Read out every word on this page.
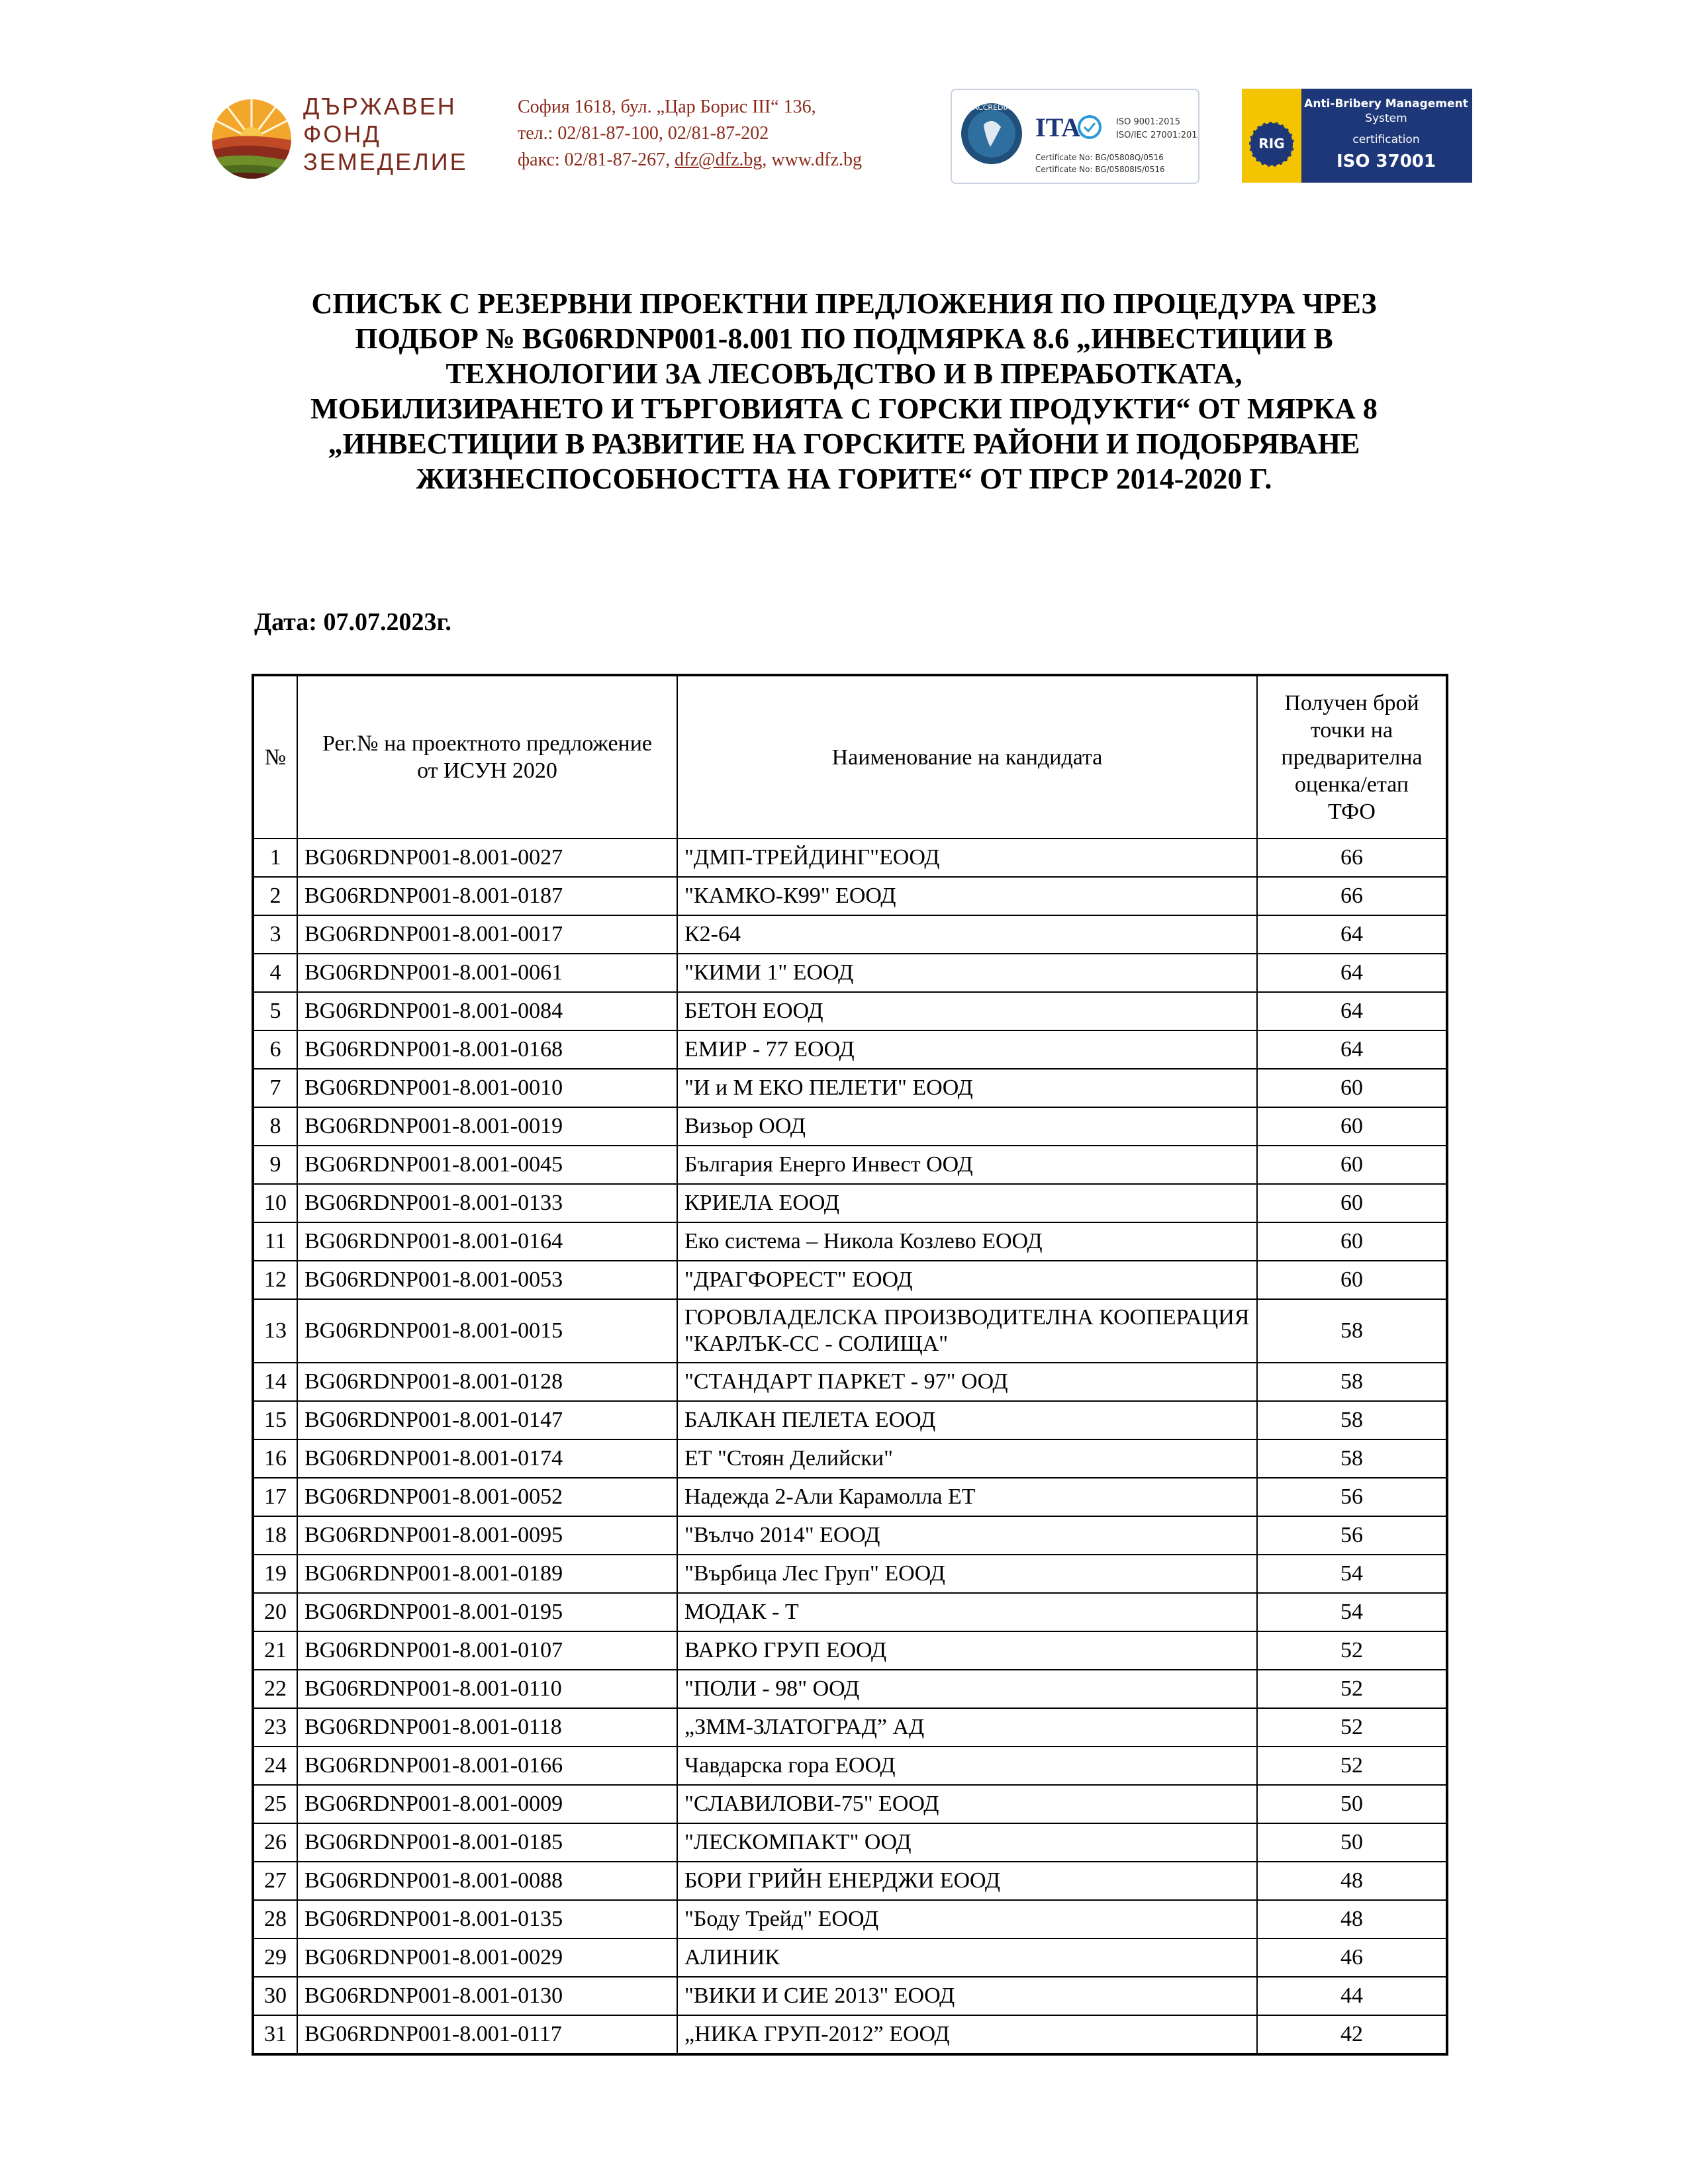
ДЪРЖАВЕН
ФОНД
ЗЕМЕДЕЛИЕ
София 1618, бул. „Цар Борис III“ 136,
тел.: 02/81-87-100, 02/81-87-202
факс: 02/81-87-267, dfz@dfz.bg, www.dfz.bg
ACCREDIA
ITA	ISO 9001:2015
ISO/IEC 27001:2013
Certificate No: BG/05808Q/0516
Certificate No: BG/05808IS/0516
RIG
Anti-Bribery Management
System
certification
ISO 37001
СПИСЪК С РЕЗЕРВНИ ПРОЕКТНИ ПРЕДЛОЖЕНИЯ ПО ПРОЦЕДУРА ЧРЕЗ
ПОДБОР № BG06RDNP001-8.001 ПО ПОДМЯРКА 8.6 „ИНВЕСТИЦИИ В
ТЕХНОЛОГИИ ЗА ЛЕСОВЪДСТВО И В ПРЕРАБОТКАТА,
МОБИЛИЗИРАНЕТО И ТЪРГОВИЯТА С ГОРСКИ ПРОДУКТИ“ ОТ МЯРКА 8
„ИНВЕСТИЦИИ В РАЗВИТИЕ НА ГОРСКИТЕ РАЙОНИ И ПОДОБРЯВАНЕ
ЖИЗНЕСПОСОБНОСТТА НА ГОРИТЕ“ ОТ ПРСР 2014-2020 Г.
Дата: 07.07.2023г.
№	Рег.№ на проектното предложение от ИСУН 2020	Наименование на кандидата	Получен брой точки на предварителна оценка/етап ТФО
1	BG06RDNP001-8.001-0027	"ДМП-ТРЕЙДИНГ"ЕООД	66
2	BG06RDNP001-8.001-0187	"КАМКО-К99" ЕООД	66
3	BG06RDNP001-8.001-0017	К2-64	64
4	BG06RDNP001-8.001-0061	"КИМИ 1" ЕООД	64
5	BG06RDNP001-8.001-0084	БЕТОН ЕООД	64
6	BG06RDNP001-8.001-0168	ЕМИР - 77 ЕООД	64
7	BG06RDNP001-8.001-0010	"И и М ЕКО ПЕЛЕТИ" ЕООД	60
8	BG06RDNP001-8.001-0019	Визьор ООД	60
9	BG06RDNP001-8.001-0045	България Енерго Инвест ООД	60
10	BG06RDNP001-8.001-0133	КРИЕЛА ЕООД	60
11	BG06RDNP001-8.001-0164	Еко система – Никола Козлево ЕООД	60
12	BG06RDNP001-8.001-0053	"ДРАГФОРЕСТ" ЕООД	60
13	BG06RDNP001-8.001-0015	ГОРОВЛАДЕЛСКА ПРОИЗВОДИТЕЛНА КООПЕРАЦИЯ "КАРЛЪК-СС - СОЛИЩА"	58
14	BG06RDNP001-8.001-0128	"СТАНДАРТ ПАРКЕТ - 97" ООД	58
15	BG06RDNP001-8.001-0147	БАЛКАН ПЕЛЕТА ЕООД	58
16	BG06RDNP001-8.001-0174	ЕТ "Стоян Делийски"	58
17	BG06RDNP001-8.001-0052	Надежда 2-Али Карамолла ЕТ	56
18	BG06RDNP001-8.001-0095	"Вълчо 2014" ЕООД	56
19	BG06RDNP001-8.001-0189	"Върбица Лес Груп" ЕООД	54
20	BG06RDNP001-8.001-0195	МОДАК - Т	54
21	BG06RDNP001-8.001-0107	ВАРКО ГРУП ЕООД	52
22	BG06RDNP001-8.001-0110	"ПОЛИ - 98" ООД	52
23	BG06RDNP001-8.001-0118	„ЗММ-ЗЛАТОГРАД” АД	52
24	BG06RDNP001-8.001-0166	Чавдарска гора ЕООД	52
25	BG06RDNP001-8.001-0009	"СЛАВИЛОВИ-75" ЕООД	50
26	BG06RDNP001-8.001-0185	"ЛЕСКОМПАКТ" ООД	50
27	BG06RDNP001-8.001-0088	БОРИ ГРИЙН ЕНЕРДЖИ ЕООД	48
28	BG06RDNP001-8.001-0135	"Боду Трейд" ЕООД	48
29	BG06RDNP001-8.001-0029	АЛИНИК	46
30	BG06RDNP001-8.001-0130	"ВИКИ И СИЕ 2013" ЕООД	44
31	BG06RDNP001-8.001-0117	„НИКА ГРУП-2012” ЕООД	42
